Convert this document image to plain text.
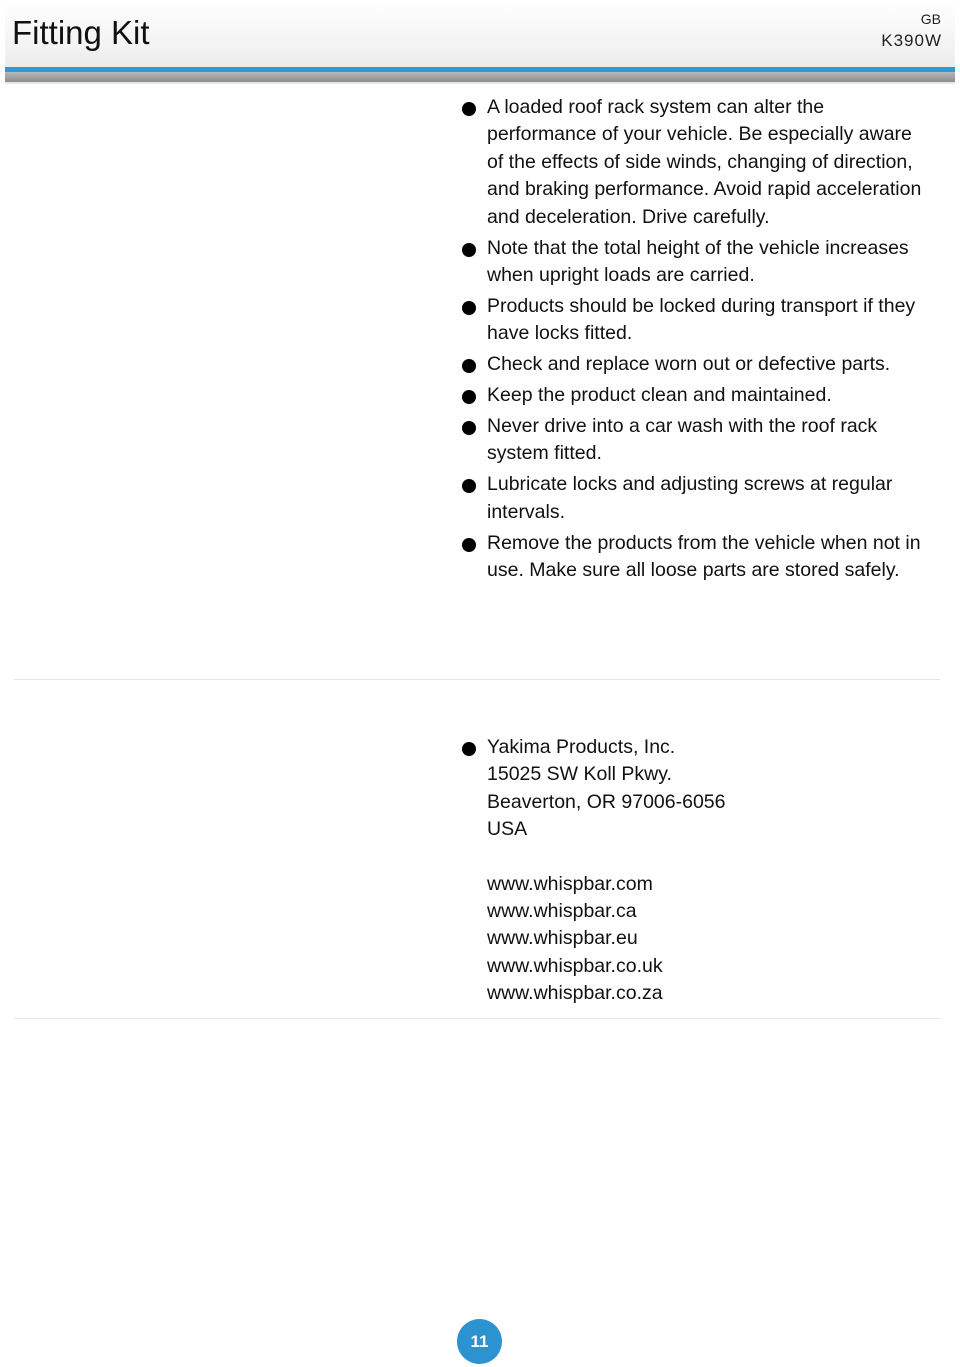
Fitting Kit	GB
K390W
A loaded roof rack system can alter the performance of your vehicle. Be especially aware of the effects of side winds, changing of direction, and braking performance. Avoid rapid acceleration and deceleration. Drive carefully.
Note that the total height of the vehicle increases when upright loads are carried.
Products should be locked during transport if they have locks fitted.
Check and replace worn out or defective parts.
Keep the product clean and maintained.
Never drive into a car wash with the roof rack system fitted.
Lubricate locks and adjusting screws at regular intervals.
Remove the products from the vehicle when not in use. Make sure all loose parts are stored safely.
Yakima Products, Inc.
15025 SW Koll Pkwy.
Beaverton, OR 97006-6056
USA
www.whispbar.com
www.whispbar.ca
www.whispbar.eu
www.whispbar.co.uk
www.whispbar.co.za
11
